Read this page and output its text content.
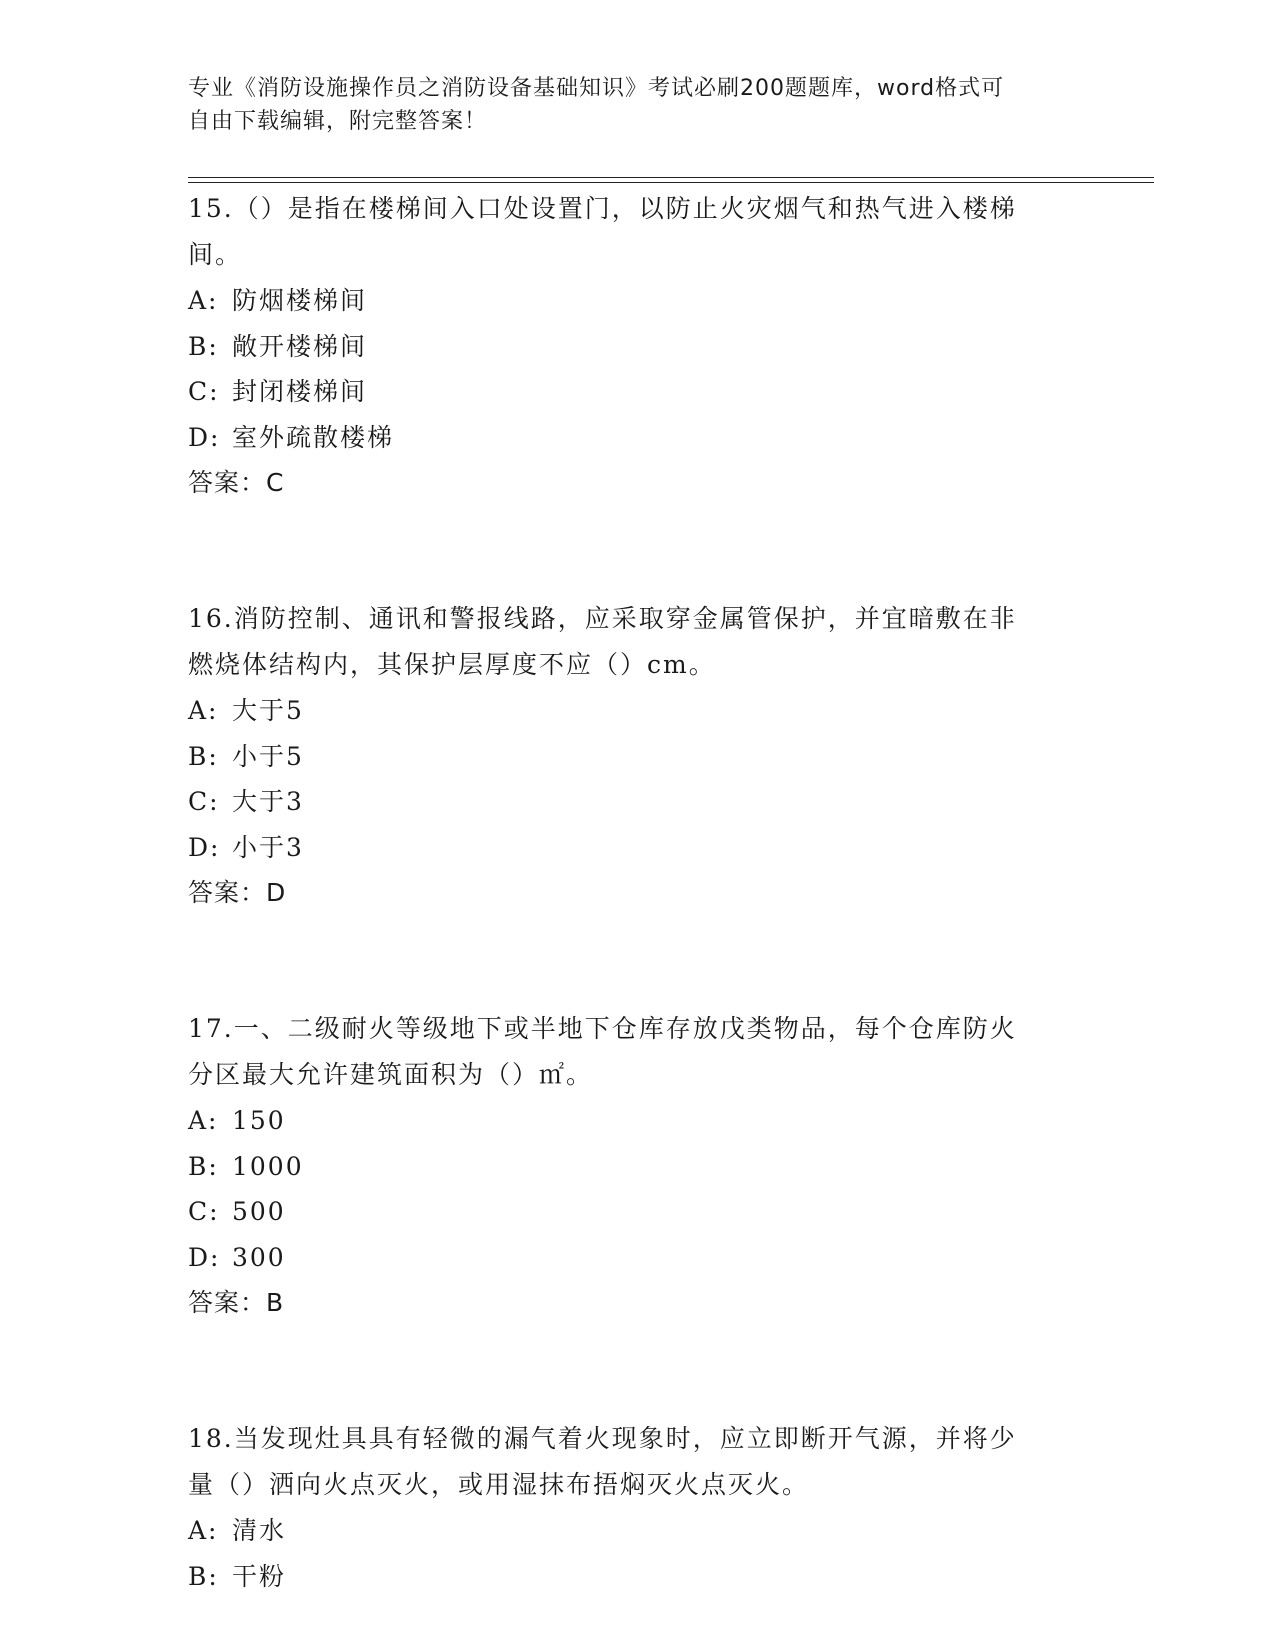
专业《消防设施操作员之消防设备基础知识》考试必刷200题题库，word格式可
自由下载编辑，附完整答案！
15.（）是指在楼梯间入口处设置门，以防止火灾烟气和热气进入楼梯
间。
A: 防烟楼梯间
B: 敞开楼梯间
C: 封闭楼梯间
D: 室外疏散楼梯
答案：C
16.消防控制、通讯和警报线路，应采取穿金属管保护，并宜暗敷在非
燃烧体结构内，其保护层厚度不应（）cm。
A: 大于5
B: 小于5
C: 大于3
D: 小于3
答案：D
17.一、二级耐火等级地下或半地下仓库存放戊类物品，每个仓库防火
分区最大允许建筑面积为（）㎡。
A: 150
B: 1000
C: 500
D: 300
答案：B
18.当发现灶具具有轻微的漏气着火现象时，应立即断开气源，并将少
量（）洒向火点灭火，或用湿抹布捂焖灭火点灭火。
A: 清水
B: 干粉
